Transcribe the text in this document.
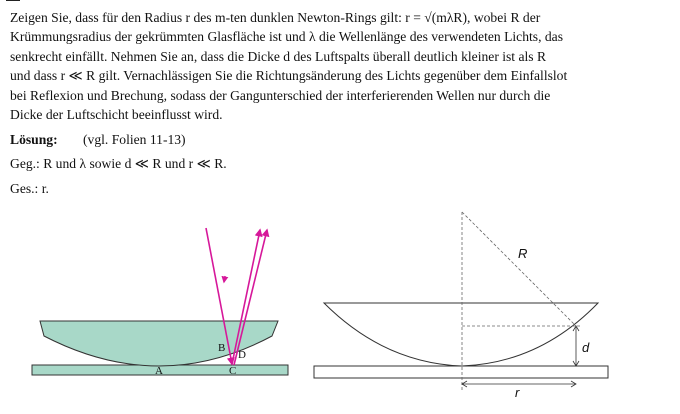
Zeigen Sie, dass für den Radius r des m-ten dunklen Newton-Rings gilt: r = √(mλR), wobei R der

Krümmungsradius der gekrümmten Glasfläche ist und λ die Wellenlänge des verwendeten Lichts, das

senkrecht einfällt. Nehmen Sie an, dass die Dicke d des Luftspalts überall deutlich kleiner ist als R

und dass r ≪ R gilt. Vernachlässigen Sie die Richtungsänderung des Lichts gegenüber dem Einfallslot

bei Reflexion und Brechung, sodass der Gangunterschied der interferierenden Wellen nur durch die

Dicke der Luftschicht beeinflusst wird.

Lösung: (vgl. Folien 11-13)
Geg.: R und λ sowie d ≪ R und r ≪ R.
Ges.: r.
A
B
C
D
R
d
r
